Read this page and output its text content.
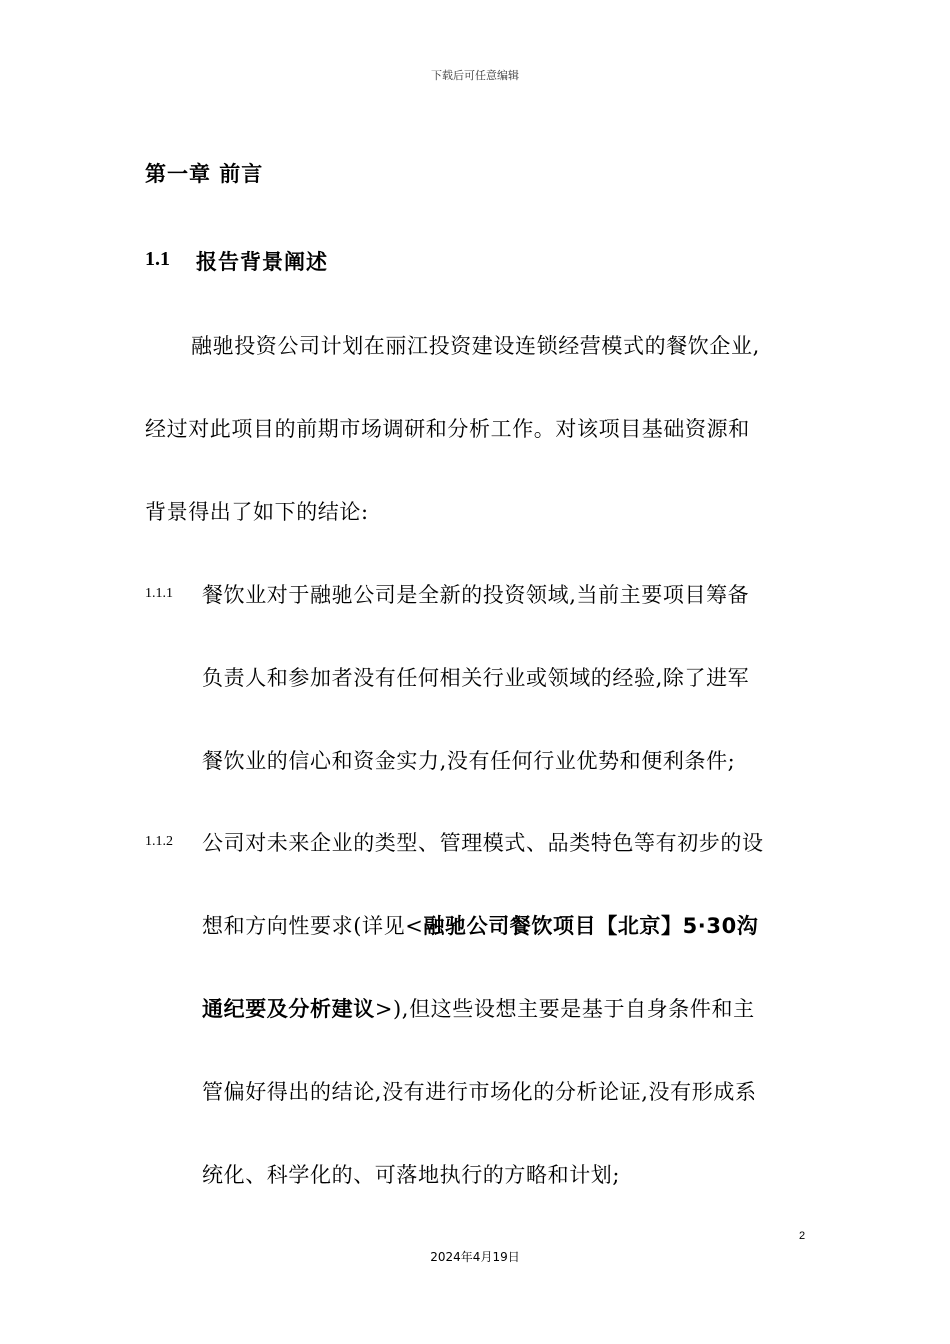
下载后可任意编辑
第一章 前言
1.1 报告背景阐述
融驰投资公司计划在丽江投资建设连锁经营模式的餐饮企业,
经过对此项目的前期市场调研和分析工作。对该项目基础资源和
背景得出了如下的结论:
1.1.1 餐饮业对于融驰公司是全新的投资领域,当前主要项目筹备
负责人和参加者没有任何相关行业或领域的经验,除了进军
餐饮业的信心和资金实力,没有任何行业优势和便利条件;
1.1.2 公司对未来企业的类型、管理模式、品类特色等有初步的设
想和方向性要求(详见<融驰公司餐饮项目【北京】5·30沟
通纪要及分析建议>),但这些设想主要是基于自身条件和主
管偏好得出的结论,没有进行市场化的分析论证,没有形成系
统化、科学化的、可落地执行的方略和计划;
2
2024年4月19日
